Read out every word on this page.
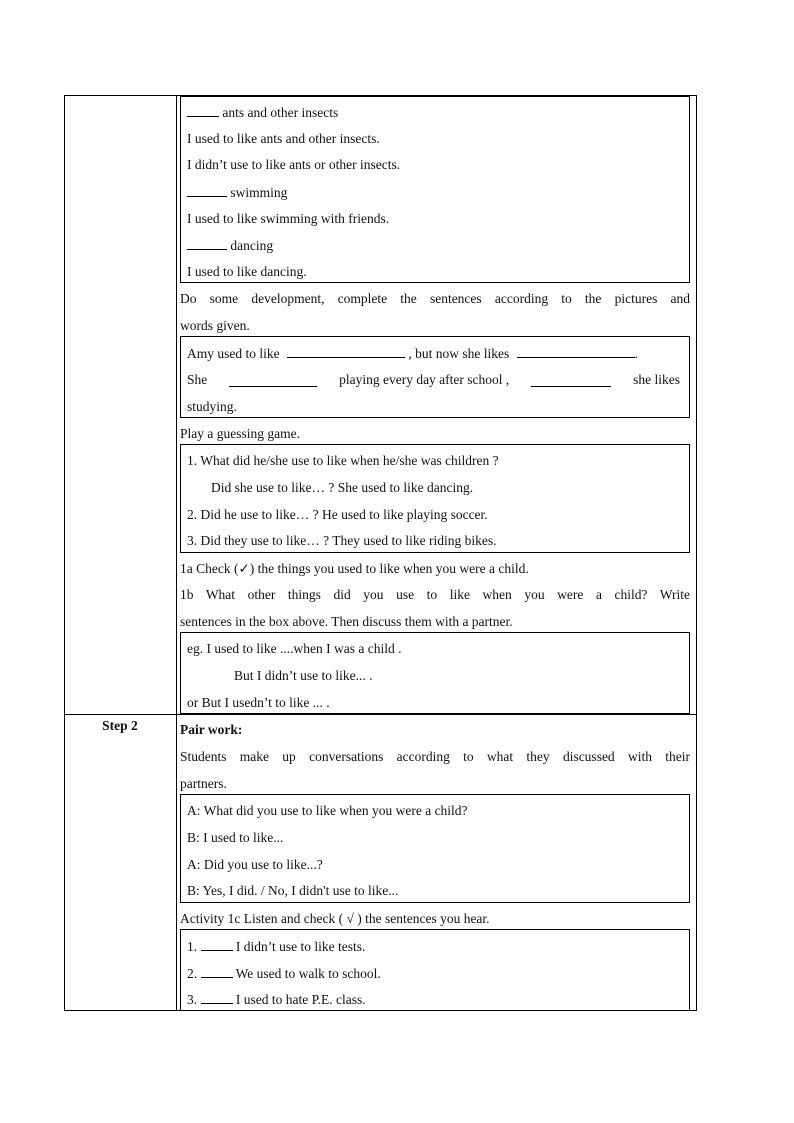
Step 2
ants and other insects
I used to like ants and other insects.
I didn’t use to like ants or other insects.
swimming
I used to like swimming with friends.
dancing
I used to like dancing.
Do some development, complete the sentences according to the pictures and
words given.
Amy used to like	, but now she likes	.
She	playing every day after school ,	she likes
studying.
Play a guessing game.
1. What did he/she use to like when he/she was children ?
Did she use to like… ? She used to like dancing.
2. Did he use to like… ? He used to like playing soccer.
3. Did they use to like… ? They used to like riding bikes.
1a Check (✓) the things you used to like when you were a child.
1b What other things did you use to like when you were a child? Write
sentences in the box above. Then discuss them with a partner.
eg. I used to like ....when I was a child .
But I didn’t use to like... .
or But I usedn’t to like ... .
Pair work:
Students make up conversations according to what they discussed with their
partners.
A: What did you use to like when you were a child?
B: I used to like...
A: Did you use to like...?
B: Yes, I did. / No, I didn't use to like...
Activity 1c Listen and check ( √ ) the sentences you hear.
1.	I didn’t use to like tests.
2.	We used to walk to school.
3.	I used to hate P.E. class.
